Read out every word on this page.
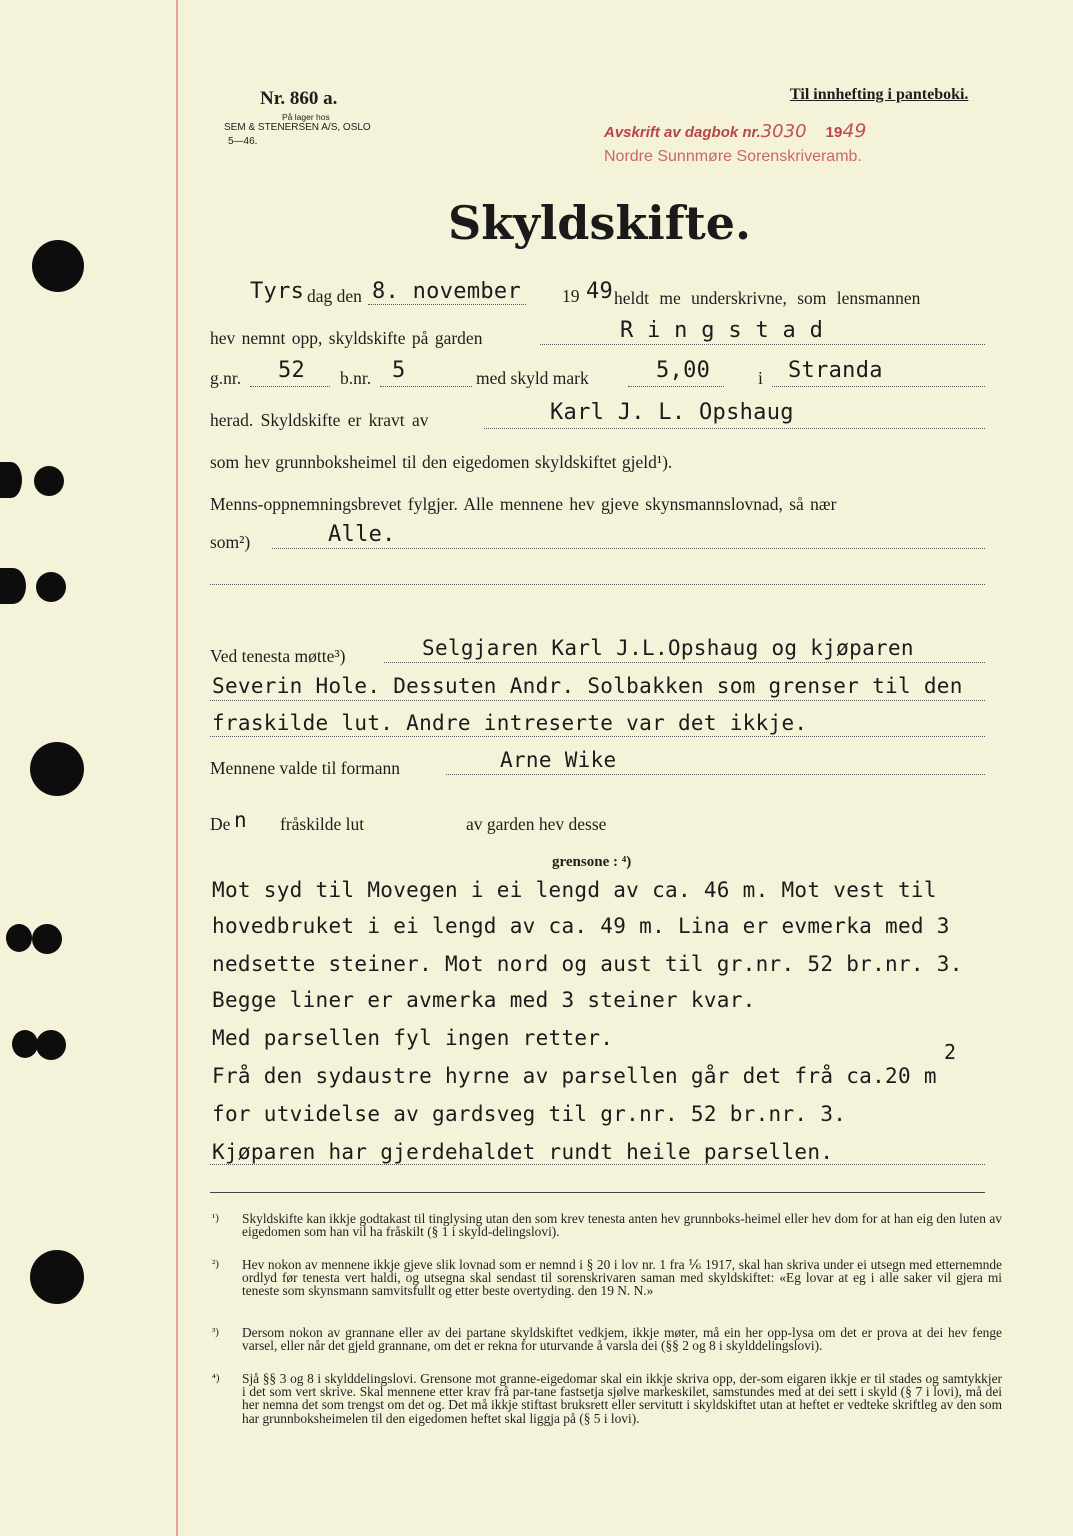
Nr. 860 a.
På lager hos
SEM & STENERSEN A/S, OSLO
5—46.
Til innhefting i panteboki.
Avskrift av dagbok nr.3030 1949
Nordre Sunnmøre Sorenskriveramb.
Skyldskifte.
Tyrs dag den 8. november 19 49 heldt me underskrivne, som lensmannen
hev nemnt opp, skyldskifte på garden	R i n g s t a d
g.nr. 52 b.nr. 5	med skyld mark	5,00	i Stranda
herad. Skyldskifte er kravt av	Karl J. L. Opshaug
som hev grunnboksheimel til den eigedomen skyldskiftet gjeld¹).
Menns-oppnemningsbrevet fylgjer. Alle mennene hev gjeve skynsmannslovnad, så nær
som²)	Alle.
Ved tenesta møtte³)	Selgjaren Karl J.L.Opshaug og kjøparen
Severin Hole. Dessuten Andr. Solbakken som grenser til den
fraskilde lut. Andre intreserte var det ikkje.
Mennene valde til formann	Arne Wike
De n fråskilde lut	av garden hev desse
grensone : ⁴)
Mot syd til Movegen i ei lengd av ca. 46 m. Mot vest til
hovedbruket i ei lengd av ca. 49 m. Lina er evmerka med 3
nedsette steiner. Mot nord og aust til gr.nr. 52 br.nr. 3.
Begge liner er avmerka med 3 steiner kvar.
Med parsellen fyl ingen retter.
2
Frå den sydaustre hyrne av parsellen går det frå ca.20 m
for utvidelse av gardsveg til gr.nr. 52 br.nr. 3.
Kjøparen har gjerdehaldet rundt heile parsellen.
¹) Skyldskifte kan ikkje godtakast til tinglysing utan den som krev tenesta anten hev grunnboks-heimel eller hev dom for at han eig den luten av eigedomen som han vil ha fråskilt (§ 1 i skyld-delingslovi).
²) Hev nokon av mennene ikkje gjeve slik lovnad som er nemnd i § 20 i lov nr. 1 fra ⅙ 1917, skal han skriva under ei utsegn med etternemnde ordlyd før tenesta vert haldi, og utsegna skal sendast til sorenskrivaren saman med skyldskiftet: «Eg lovar at eg i alle saker vil gjera mi teneste som skynsmann samvitsfullt og etter beste overtyding. den 19 N. N.»
³) Dersom nokon av grannane eller av dei partane skyldskiftet vedkjem, ikkje møter, må ein her opp-lysa om det er prova at dei hev fenge varsel, eller når det gjeld grannane, om det er rekna for uturvande å varsla dei (§§ 2 og 8 i skylddelingslovi).
⁴) Sjå §§ 3 og 8 i skylddelingslovi. Grensone mot granne-eigedomar skal ein ikkje skriva opp, der-som eigaren ikkje er til stades og samtykkjer i det som vert skrive. Skal mennene etter krav frå par-tane fastsetja sjølve markeskilet, samstundes med at dei sett i skyld (§ 7 i lovi), må dei her nemna det som trengst om det og. Det må ikkje stiftast bruksrett eller servitutt i skyldskiftet utan at heftet er vedteke skriftleg av den som har grunnboksheimelen til den eigedomen heftet skal liggja på (§ 5 i lovi).
